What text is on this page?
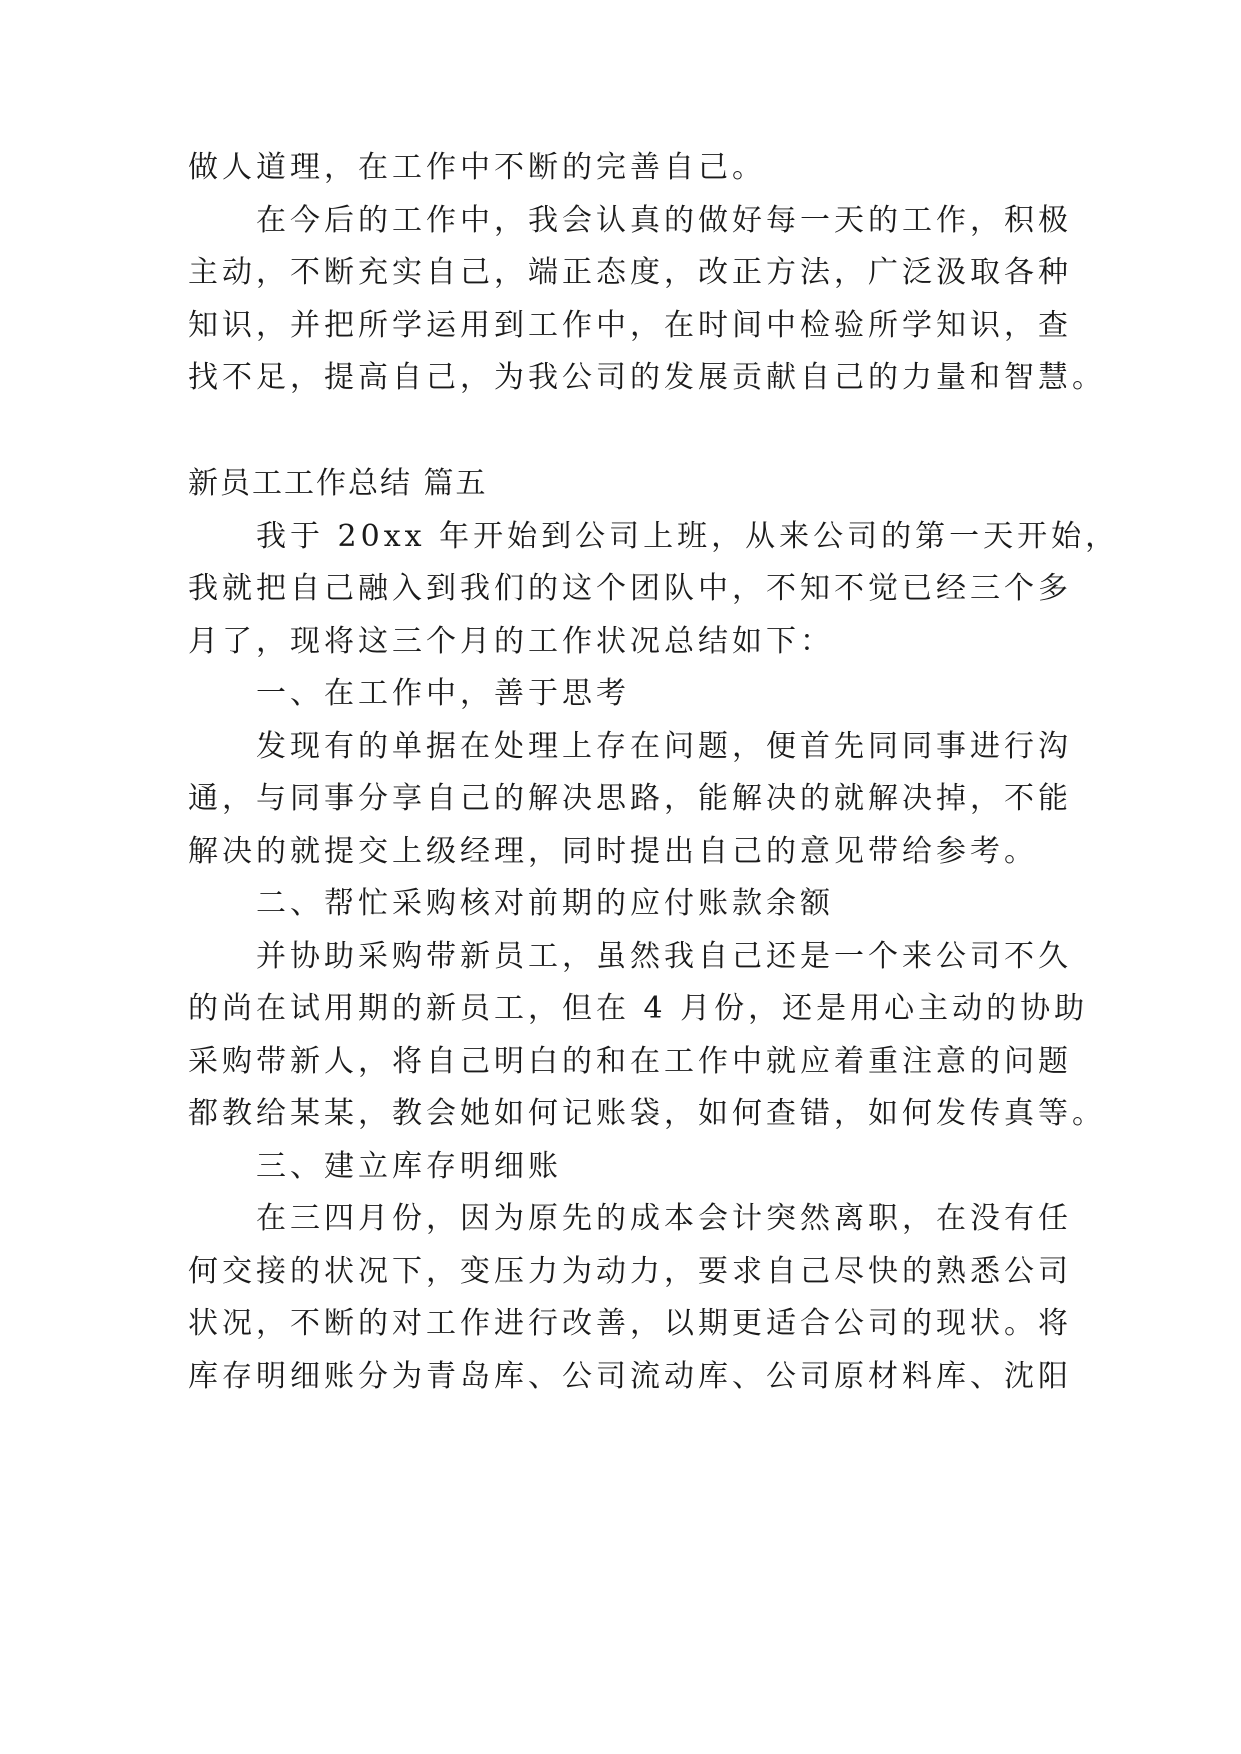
做人道理，在工作中不断的完善自己。
在今后的工作中，我会认真的做好每一天的工作，积极
主动，不断充实自己，端正态度，改正方法，广泛汲取各种
知识，并把所学运用到工作中，在时间中检验所学知识，查
找不足，提高自己，为我公司的发展贡献自己的力量和智慧。
新员工工作总结 篇五
我于 20xx 年开始到公司上班，从来公司的第一天开始，
我就把自己融入到我们的这个团队中，不知不觉已经三个多
月了，现将这三个月的工作状况总结如下：
一、在工作中，善于思考
发现有的单据在处理上存在问题，便首先同同事进行沟
通，与同事分享自己的解决思路，能解决的就解决掉，不能
解决的就提交上级经理，同时提出自己的意见带给参考。
二、帮忙采购核对前期的应付账款余额
并协助采购带新员工，虽然我自己还是一个来公司不久
的尚在试用期的新员工，但在 4 月份，还是用心主动的协助
采购带新人，将自己明白的和在工作中就应着重注意的问题
都教给某某，教会她如何记账袋，如何查错，如何发传真等。
三、建立库存明细账
在三四月份，因为原先的成本会计突然离职，在没有任
何交接的状况下，变压力为动力，要求自己尽快的熟悉公司
状况，不断的对工作进行改善，以期更适合公司的现状。将
库存明细账分为青岛库、公司流动库、公司原材料库、沈阳
